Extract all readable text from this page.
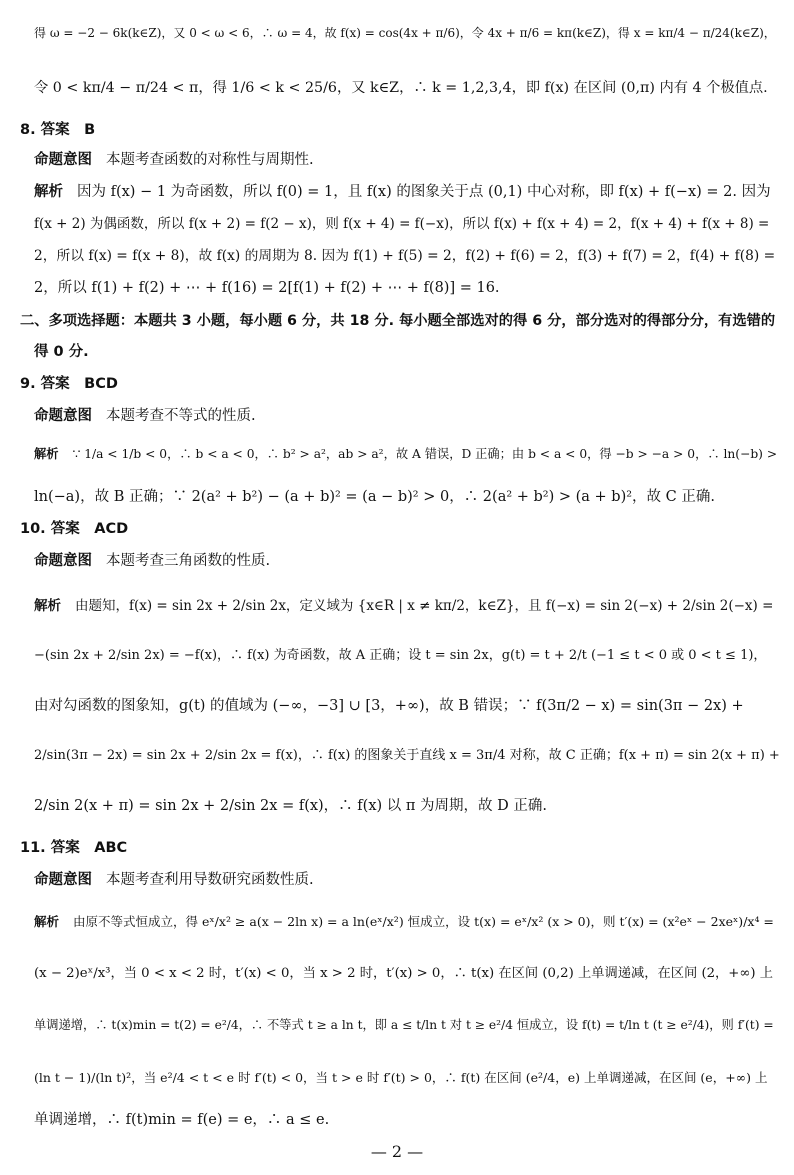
得 ω = −2 − 6k(k∈Z)，又 0 < ω < 6，∴ ω = 4，故 f(x) = cos(4x + π/6)，令 4x + π/6 = kπ(k∈Z)，得 x = kπ/4 − π/24(k∈Z)，
令 0 < kπ/4 − π/24 < π，得 1/6 < k < 25/6，又 k∈Z，∴ k = 1,2,3,4，即 f(x) 在区间 (0,π) 内有 4 个极值点.
8. 答案　B
命题意图 本题考查函数的对称性与周期性.
解析 因为 f(x) − 1 为奇函数，所以 f(0) = 1，且 f(x) 的图象关于点 (0,1) 中心对称，即 f(x) + f(−x) = 2. 因为
f(x + 2) 为偶函数，所以 f(x + 2) = f(2 − x)，则 f(x + 4) = f(−x)，所以 f(x) + f(x + 4) = 2，f(x + 4) + f(x + 8) =
2，所以 f(x) = f(x + 8)，故 f(x) 的周期为 8. 因为 f(1) + f(5) = 2，f(2) + f(6) = 2，f(3) + f(7) = 2，f(4) + f(8) =
2，所以 f(1) + f(2) + ⋯ + f(16) = 2[f(1) + f(2) + ⋯ + f(8)] = 16.
二、多项选择题：本题共 3 小题，每小题 6 分，共 18 分. 每小题全部选对的得 6 分，部分选对的得部分分，有选错的
得 0 分.
9. 答案　BCD
命题意图 本题考查不等式的性质.
解析 ∵ 1/a < 1/b < 0，∴ b < a < 0，∴ b² > a²，ab > a²，故 A 错误，D 正确；由 b < a < 0，得 −b > −a > 0，∴ ln(−b) >
ln(−a)，故 B 正确；∵ 2(a² + b²) − (a + b)² = (a − b)² > 0，∴ 2(a² + b²) > (a + b)²，故 C 正确.
10. 答案　ACD
命题意图 本题考查三角函数的性质.
解析 由题知，f(x) = sin 2x + 2/sin 2x，定义域为 {x∈R | x ≠ kπ/2，k∈Z}，且 f(−x) = sin 2(−x) + 2/sin 2(−x) =
−(sin 2x + 2/sin 2x) = −f(x)，∴ f(x) 为奇函数，故 A 正确；设 t = sin 2x，g(t) = t + 2/t (−1 ≤ t < 0 或 0 < t ≤ 1)，
由对勾函数的图象知，g(t) 的值域为 (−∞，−3] ∪ [3，+∞)，故 B 错误；∵ f(3π/2 − x) = sin(3π − 2x) +
2/sin(3π − 2x) = sin 2x + 2/sin 2x = f(x)，∴ f(x) 的图象关于直线 x = 3π/4 对称，故 C 正确；f(x + π) = sin 2(x + π) +
2/sin 2(x + π) = sin 2x + 2/sin 2x = f(x)，∴ f(x) 以 π 为周期，故 D 正确.
11. 答案　ABC
命题意图 本题考查利用导数研究函数性质.
解析 由原不等式恒成立，得 eˣ/x² ≥ a(x − 2ln x) = a ln(eˣ/x²) 恒成立，设 t(x) = eˣ/x² (x > 0)，则 t′(x) = (x²eˣ − 2xeˣ)/x⁴ =
(x − 2)eˣ/x³，当 0 < x < 2 时，t′(x) < 0，当 x > 2 时，t′(x) > 0，∴ t(x) 在区间 (0,2) 上单调递减，在区间 (2，+∞) 上
单调递增，∴ t(x)min = t(2) = e²/4，∴ 不等式 t ≥ a ln t，即 a ≤ t/ln t 对 t ≥ e²/4 恒成立，设 f(t) = t/ln t (t ≥ e²/4)，则 f′(t) =
(ln t − 1)/(ln t)²，当 e²/4 < t < e 时 f′(t) < 0，当 t > e 时 f′(t) > 0，∴ f(t) 在区间 (e²/4，e) 上单调递减，在区间 (e，+∞) 上
单调递增，∴ f(t)min = f(e) = e，∴ a ≤ e.
— 2 —
